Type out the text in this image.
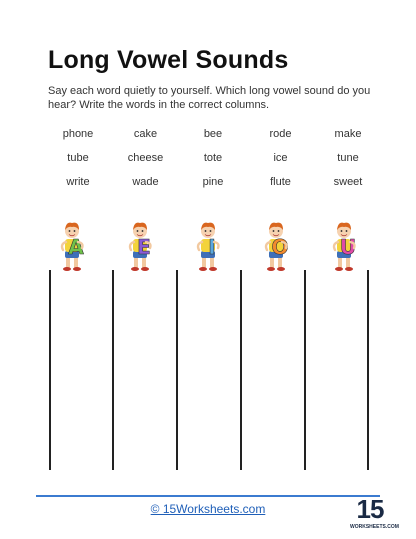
Long Vowel Sounds
Say each word quietly to yourself. Which long vowel sound do you hear? Write the words in the correct columns.
phone	cake	bee	rode	make
tube	cheese	tote	ice	tune
write	wade	pine	flute	sweet
A	E	I	O	U
© 15Worksheets.com	15
WORKSHEETS.COM
